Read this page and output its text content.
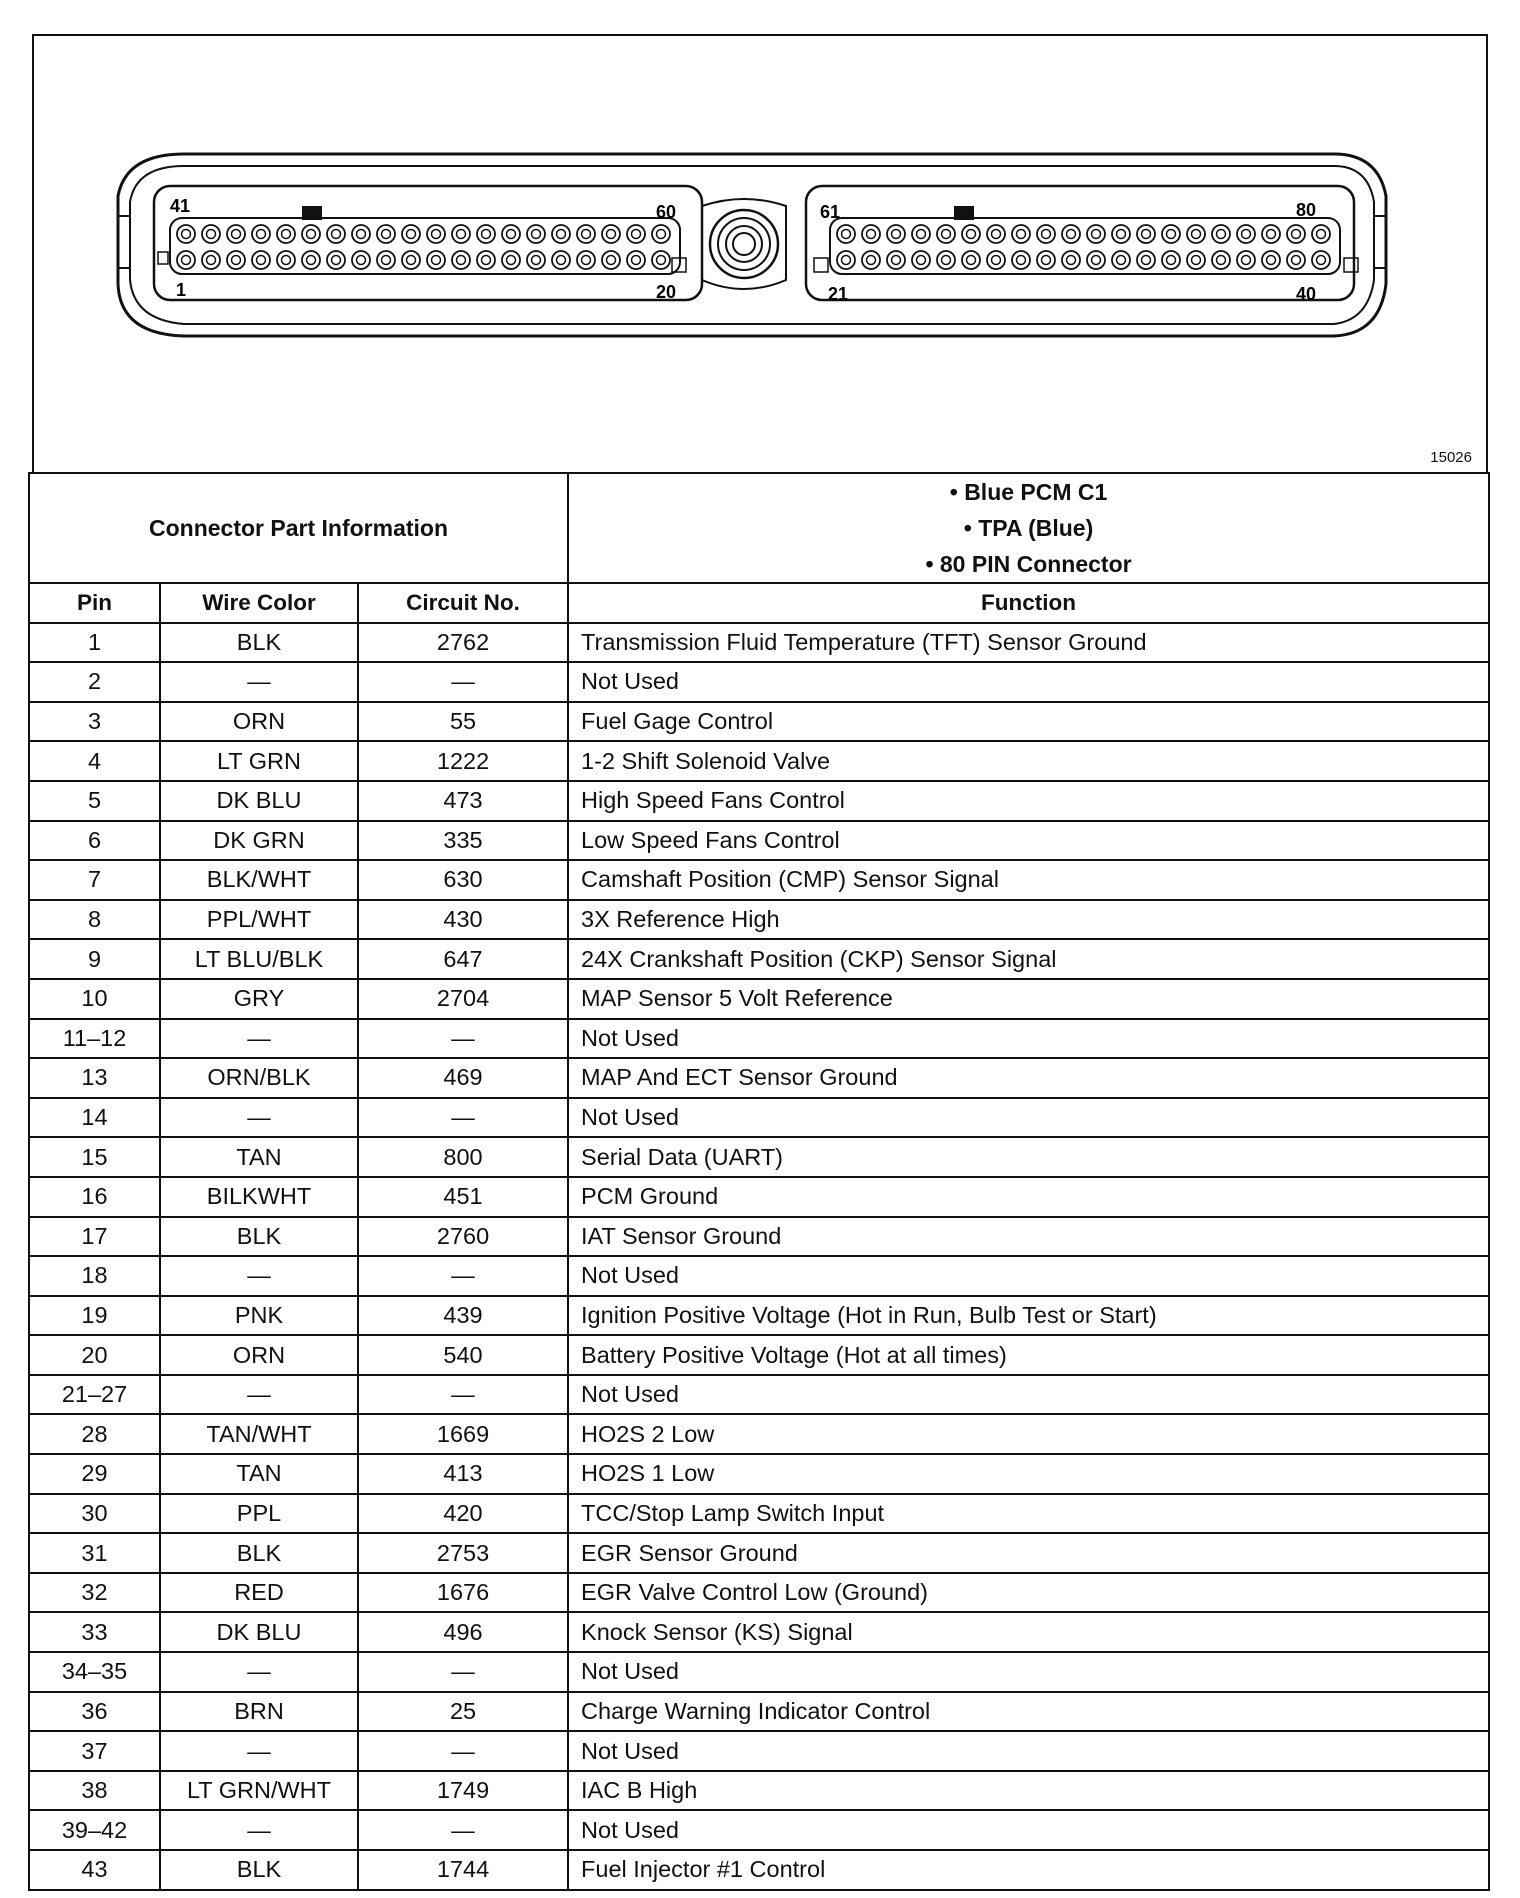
41	60
1	20
61	80
21	40
15026
Connector Part Information			• Blue PCM C1
• TPA (Blue)
• 80 PIN Connector

Pin	Wire Color	Circuit No.	Function
1	BLK	2762	Transmission Fluid Temperature (TFT) Sensor Ground
2	—	—	Not Used
3	ORN	55	Fuel Gage Control
4	LT GRN	1222	1-2 Shift Solenoid Valve
5	DK BLU	473	High Speed Fans Control
6	DK GRN	335	Low Speed Fans Control
7	BLK/WHT	630	Camshaft Position (CMP) Sensor Signal
8	PPL/WHT	430	3X Reference High
9	LT BLU/BLK	647	24X Crankshaft Position (CKP) Sensor Signal
10	GRY	2704	MAP Sensor 5 Volt Reference
11–12	—	—	Not Used
13	ORN/BLK	469	MAP And ECT Sensor Ground
14	—	—	Not Used
15	TAN	800	Serial Data (UART)
16	BILKWHT	451	PCM Ground
17	BLK	2760	IAT Sensor Ground
18	—	—	Not Used
19	PNK	439	Ignition Positive Voltage (Hot in Run, Bulb Test or Start)
20	ORN	540	Battery Positive Voltage (Hot at all times)
21–27	—	—	Not Used
28	TAN/WHT	1669	HO2S 2 Low
29	TAN	413	HO2S 1 Low
30	PPL	420	TCC/Stop Lamp Switch Input
31	BLK	2753	EGR Sensor Ground
32	RED	1676	EGR Valve Control Low (Ground)
33	DK BLU	496	Knock Sensor (KS) Signal
34–35	—	—	Not Used
36	BRN	25	Charge Warning Indicator Control
37	—	—	Not Used
38	LT GRN/WHT	1749	IAC B High
39–42	—	—	Not Used
43	BLK	1744	Fuel Injector #1 Control
